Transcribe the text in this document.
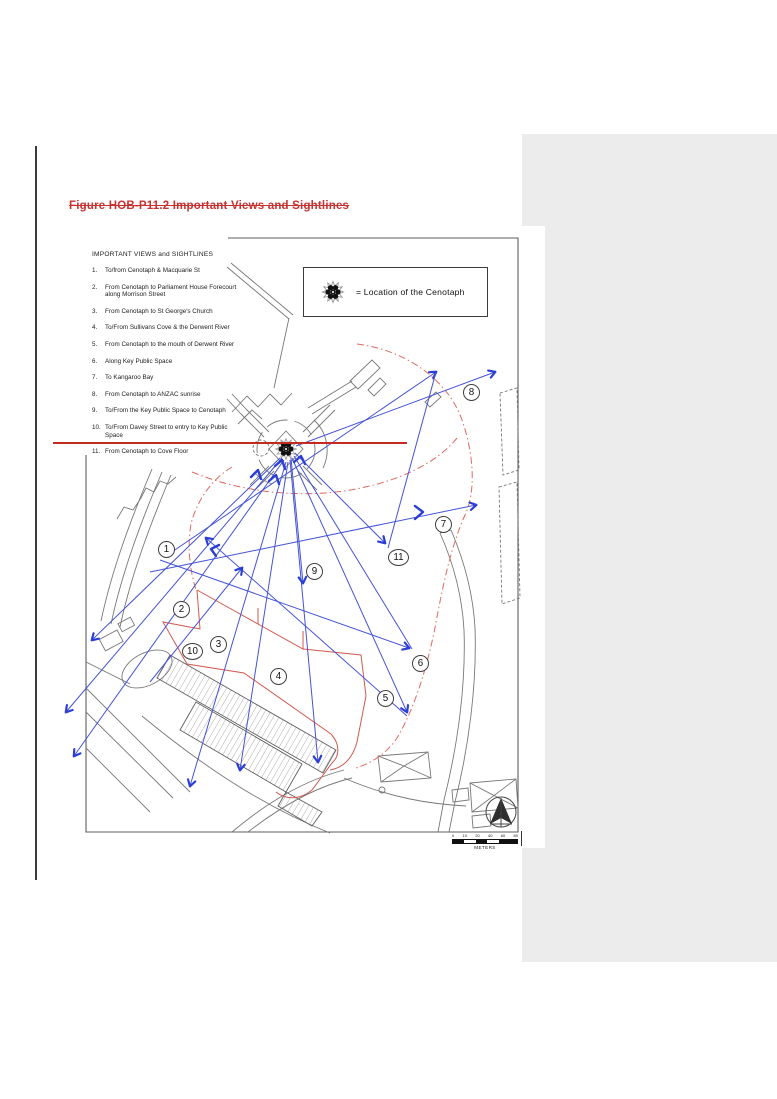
Figure HOB-P11.2 Important Views and Sightlines
IMPORTANT VIEWS and SIGHTLINES
1.	To/from Cenotaph & Macquarie St
2.	From Cenotaph to Parliament House Forecourt along Morrison Street
3.	From Cenotaph to St George's Church
4.	To/From Sullivans Cove & the Derwent River
5.	From Cenotaph to the mouth of Derwent River
6.	Along Key Public Space
7.	To Kangaroo Bay
8.	From Cenotaph to ANZAC sunrise
9.	To/From the Key Public Space to Cenotaph
10. To/From Davey Street to entry to Key Public Space
11. From Cenotaph to Cove Floor
= Location of the Cenotaph
1
2
3
4
5
6
7
8
9
10
11
0 10 20 40 60 80
METERS
